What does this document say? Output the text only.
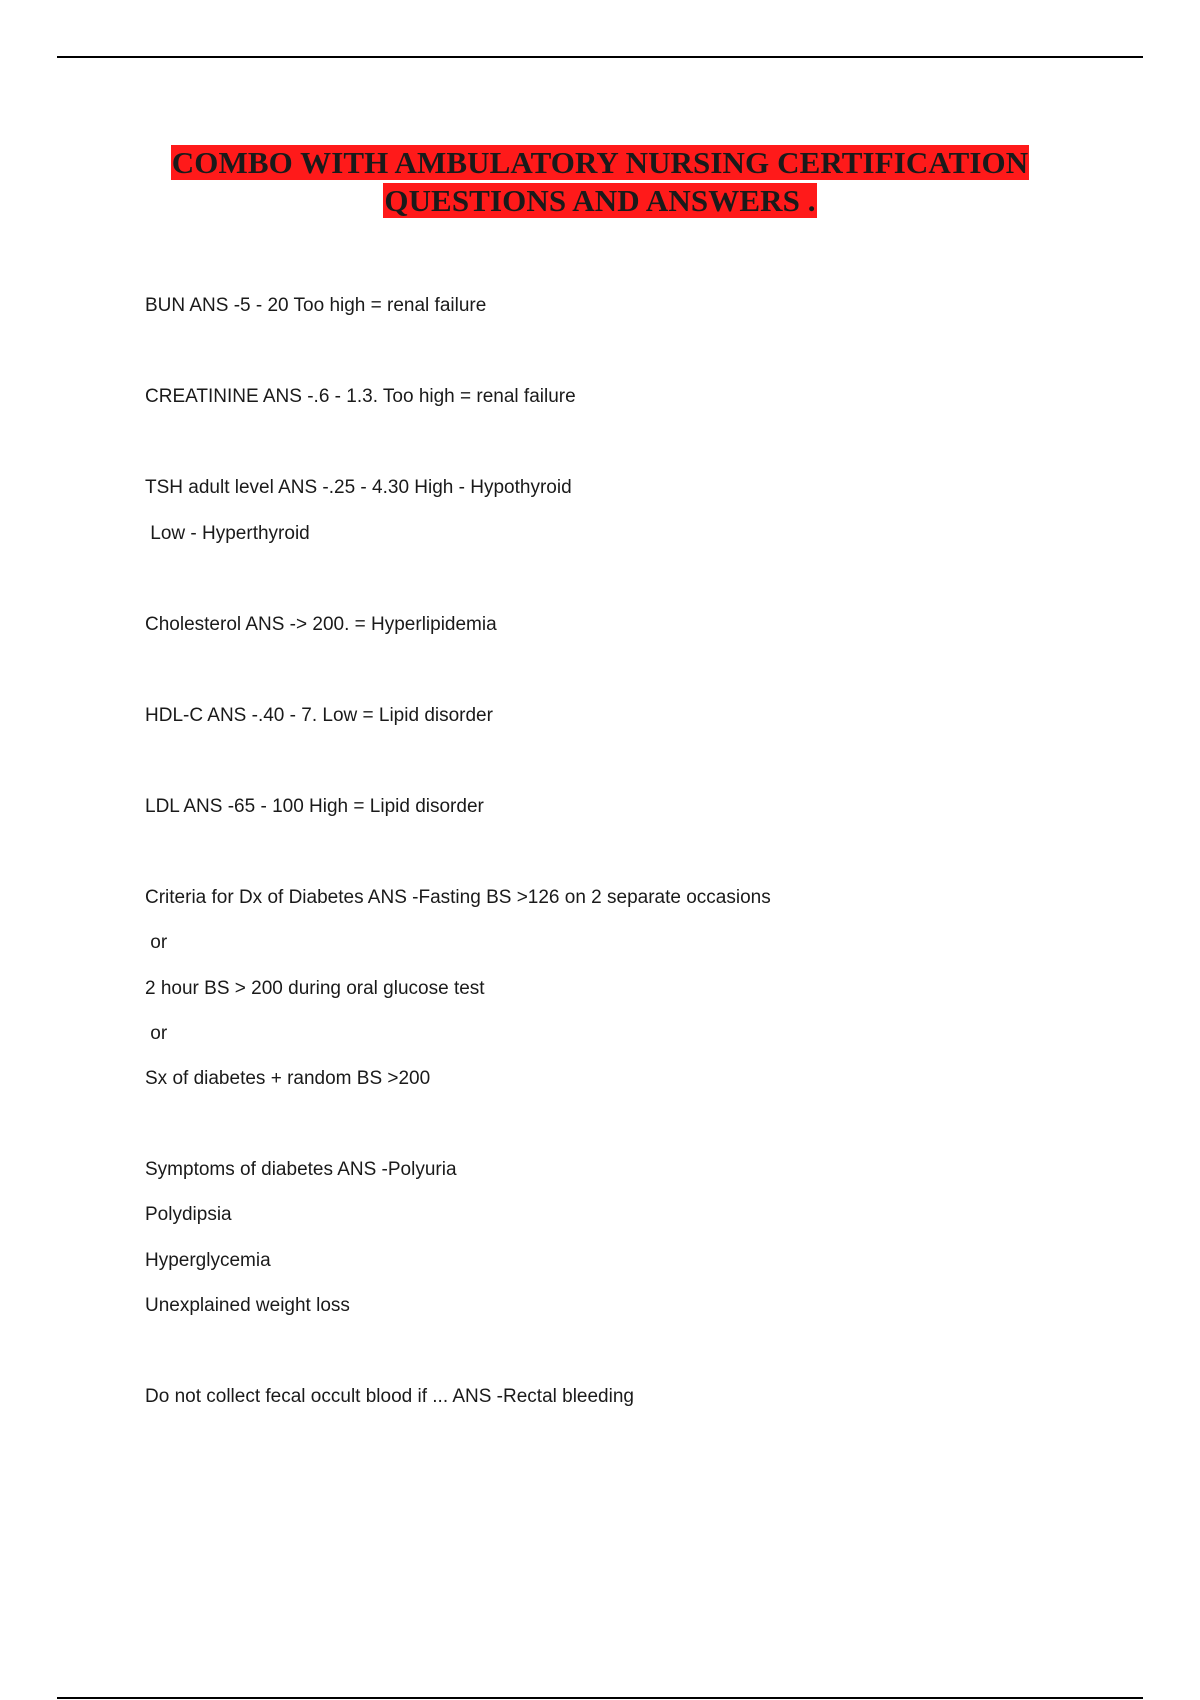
COMBO WITH AMBULATORY NURSING CERTIFICATION
QUESTIONS AND ANSWERS .
BUN ANS -5 - 20 Too high = renal failure
CREATININE ANS -.6 - 1.3. Too high = renal failure
TSH adult level ANS -.25 - 4.30 High - Hypothyroid
Low - Hyperthyroid
Cholesterol ANS -> 200. = Hyperlipidemia
HDL-C ANS -.40 - 7. Low = Lipid disorder
LDL ANS -65 - 100 High = Lipid disorder
Criteria for Dx of Diabetes ANS -Fasting BS >126 on 2 separate occasions
or
2 hour BS > 200 during oral glucose test
or
Sx of diabetes + random BS >200
Symptoms of diabetes ANS -Polyuria
Polydipsia
Hyperglycemia
Unexplained weight loss
Do not collect fecal occult blood if ... ANS -Rectal bleeding
